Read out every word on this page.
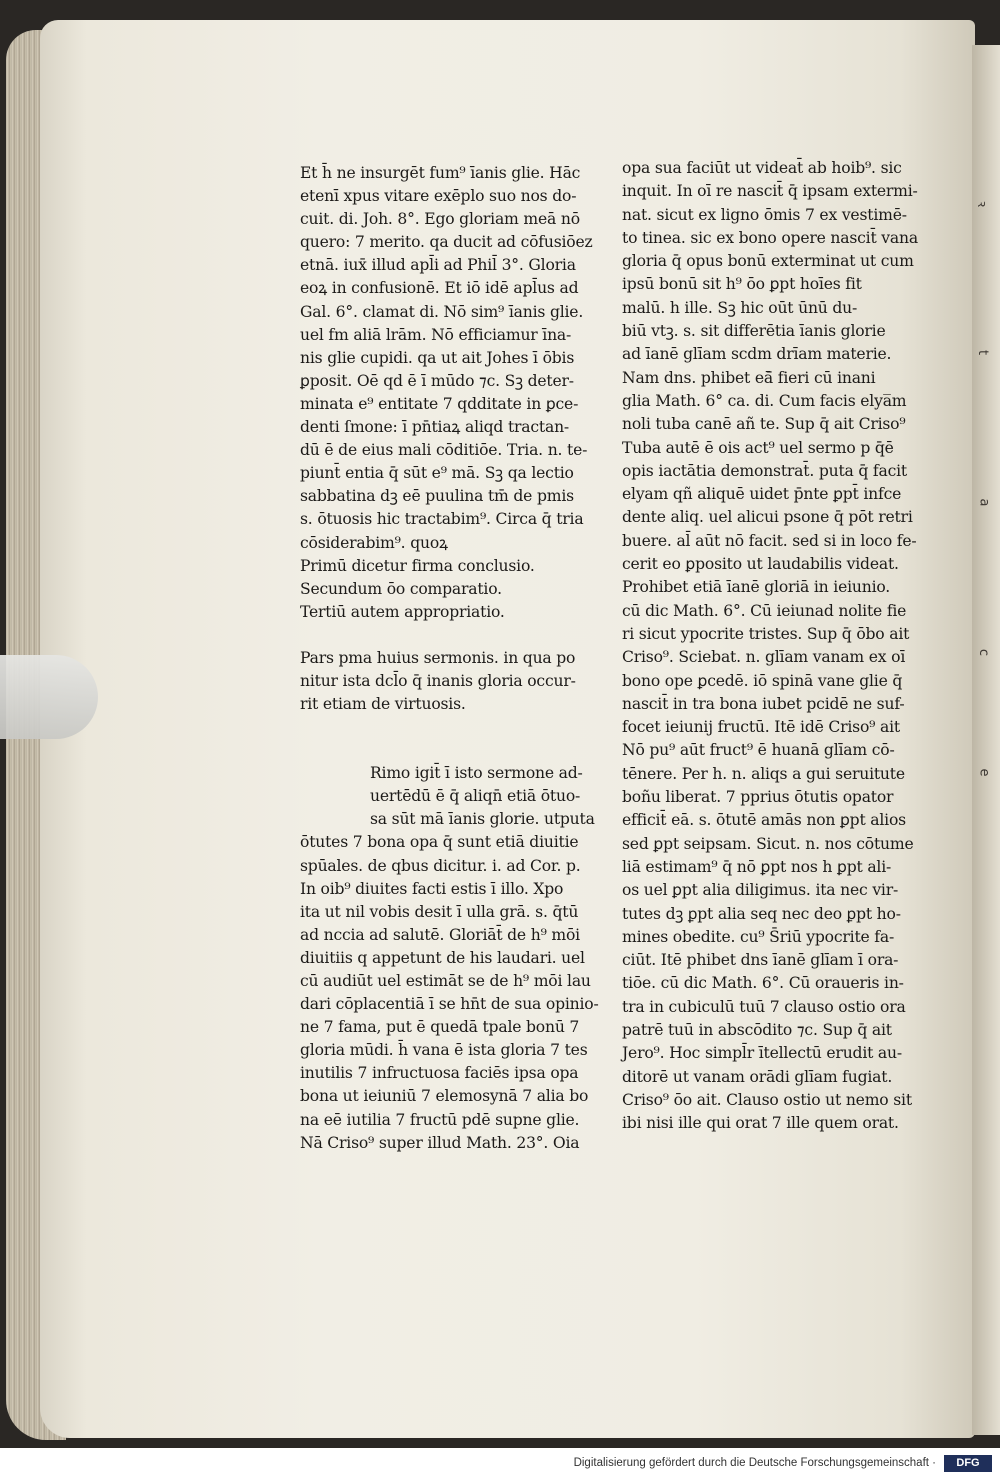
ꝛ
t
a
c
e
Et h̄ ne insurgēt fum⁹ īanis glie. Hāc
etenī xpus vitare exēplo suo nos do-
cuit. di. Joh. 8°. Ego gloriam meā nō
quero: 7 merito. qa ducit ad cōfusiōez
etnā. iux̄ illud apl̄i ad Phil̄ 3°. Gloria
eoꝝ in confusionē. Et iō idē apl̄us ad
Gal. 6°. clamat di. Nō sim⁹ īanis glie.
uel fm aliā lrām. Nō efficiamur īna-
nis glie cupidi. qa ut ait Johes ī ōbis
ꝑposit. Oē qd ē ī mūdo ⁊c. Sꝫ deter-
minata e⁹ entitate 7 qdditate in ꝑce-
denti ſmone: ī pn̄tiaꝝ aliqd tractan-
dū ē de eius mali cōditiōe. Tria. n. te-
piunt̄ entia q̄ sūt e⁹ mā. Sꝫ qa lectio
sabbatina dꝫ eē puulina tm̄ de pmis
s. ōtuosis hic tractabim⁹. Circa q̄ tria
cōsiderabim⁹. quoꝝ
Primū dicetur firma conclusio.
Secundum ōo comparatio.
Tertiū autem appropriatio.
Pars pma huius sermonis. in qua po
nitur ista dcl̄o q̄ inanis gloria occur-
rit etiam de virtuosis.
Rimo igit̄ ī isto sermone ad-
uertēdū ē q̄ aliqn̄ etiā ōtuo-
sa sūt mā īanis glorie. utputa
ōtutes 7 bona opa q̄ sunt etiā diuitie
spūales. de qbus dicitur. i. ad Cor. p.
In oib⁹ diuites facti estis ī illo. Xpo
ita ut nil vobis desit ī ulla grā. s. q̄tū
ad nccia ad salutē. Gloriāt̄ de h⁹ mōi
diuitiis q appetunt de his laudari. uel
cū audiūt uel estimāt se de h⁹ mōi lau
dari cōplacentiā ī se hn̄t de sua opinio-
ne 7 fama, put ē quedā tpale bonū 7
gloria mūdi. h̄ vana ē ista gloria 7 tes
inutilis 7 infructuosa faciēs ipsa opa
bona ut ieiuniū 7 elemosynā 7 alia bo
na eē iutilia 7 fructū pdē supne glie.
Nā Criso⁹ super illud Math. 23°. Oia
opa sua faciūt ut videat̄ ab hoib⁹. sic
inquit. In oī re nascit̄ q̄ ipsam extermi-
nat. sicut ex ligno ōmis 7 ex vestimē-
to tinea. sic ex bono opere nascit̄ vana
gloria q̄ opus bonū exterminat ut cum
ipsū bonū sit h⁹ ōo ꝑpt hoīes fit
malū. h ille. Sꝫ hic oūt ūnū du-
biū vtꝫ. s. sit differētia īanis glorie
ad īanē glīam scdm drīam materie.
Nam dns. phibet eā̄ fieri cū inani
glia Math. 6° ca. di. Cum facis elya̅m
noli tuba canē añ te. Sup q̄ ait Criso⁹
Tuba autē ē ois act⁹ uel sermo p q̄ē
opis iactātia demonstrat̄. puta q̄ facit
elyam qñ aliquē uidet p̄nte ꝑpt̄ infce
dente aliq. uel alicui psone q̄ pōt retri
buere. al̄ aūt nō facit. sed si in loco fe-
cerit eo ꝑposito ut laudabilis videat.
Prohibet etiā īanē gloriā in ieiunio.
cū dic Math. 6°. Cū ieiunad nolite fie
ri sicut ypocrite tristes. Sup q̄ ōbo ait
Criso⁹. Sciebat. n. glīam vanam ex oī
bono ope ꝑcedē. iō spinā vane glie q̄
nascit̄ in tra bona iubet pcidē ne suf-
focet ieiunij fructū. Itē idē Criso⁹ ait
Nō pu⁹ aūt fruct⁹ ē huanā glīam cō-
tēnere. Per h. n. aliqs a gui seruitute
boñu liberat. 7 pprius ōtutis opator
efficit̄ eā. s. ōtutē amās non ꝑpt alios
sed ꝑpt seipsam. Sicut. n. nos cōtume
liā estimam⁹ q̄ nō ꝑpt nos h ꝑpt ali-
os uel ꝑpt alia diligimus. ita nec vir-
tutes dꝫ ꝑpt alia seq nec deo ꝑpt ho-
mines obedite. cu⁹ S̄riū ypocrite fa-
ciūt. Itē phibet dns īanē glīam ī ora-
tiōe. cū dic Math. 6°. Cū oraueris in-
tra in cubiculū tuū 7 clauso ostio ora
patrē tuū in abscōdito ⁊c. Sup q̄ ait
Jero⁹. Hoc simpl̄r ītellectū erudit au-
ditorē ut vanam orādi glīam fugiat.
Criso⁹ ōo ait. Clauso ostio ut nemo sit
ibi nisi ille qui orat 7 ille quem orat.
Digitalisierung gefördert durch die Deutsche Forschungsgemeinschaft ·	DFG
